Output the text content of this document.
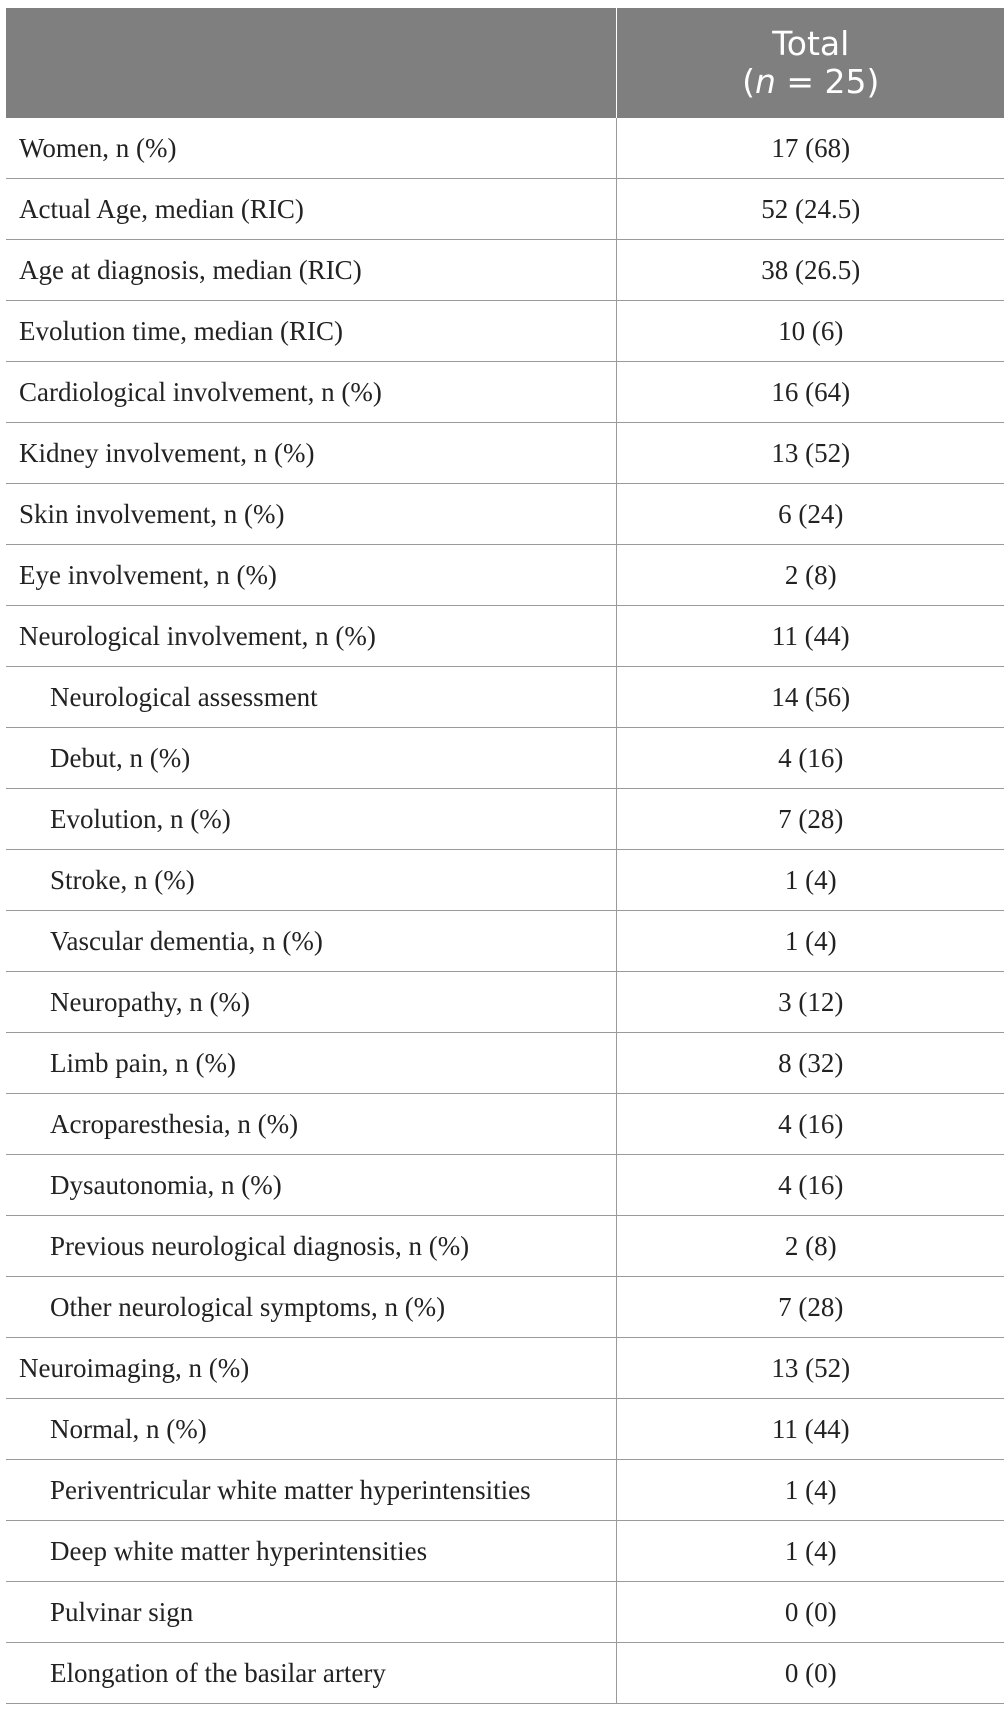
	Total
(n = 25)

Women, n (%)	17 (68)
Actual Age, median (RIC)	52 (24.5)
Age at diagnosis, median (RIC)	38 (26.5)
Evolution time, median (RIC)	10 (6)
Cardiological involvement, n (%)	16 (64)
Kidney involvement, n (%)	13 (52)
Skin involvement, n (%)	6 (24)
Eye involvement, n (%)	2 (8)
Neurological involvement, n (%)	11 (44)
Neurological assessment	14 (56)
Debut, n (%)	4 (16)
Evolution, n (%)	7 (28)
Stroke, n (%)	1 (4)
Vascular dementia, n (%)	1 (4)
Neuropathy, n (%)	3 (12)
Limb pain, n (%)	8 (32)
Acroparesthesia, n (%)	4 (16)
Dysautonomia, n (%)	4 (16)
Previous neurological diagnosis, n (%)	2 (8)
Other neurological symptoms, n (%)	7 (28)
Neuroimaging, n (%)	13 (52)
Normal, n (%)	11 (44)
Periventricular white matter hyperintensities	1 (4)
Deep white matter hyperintensities	1 (4)
Pulvinar sign	0 (0)
Elongation of the basilar artery	0 (0)
